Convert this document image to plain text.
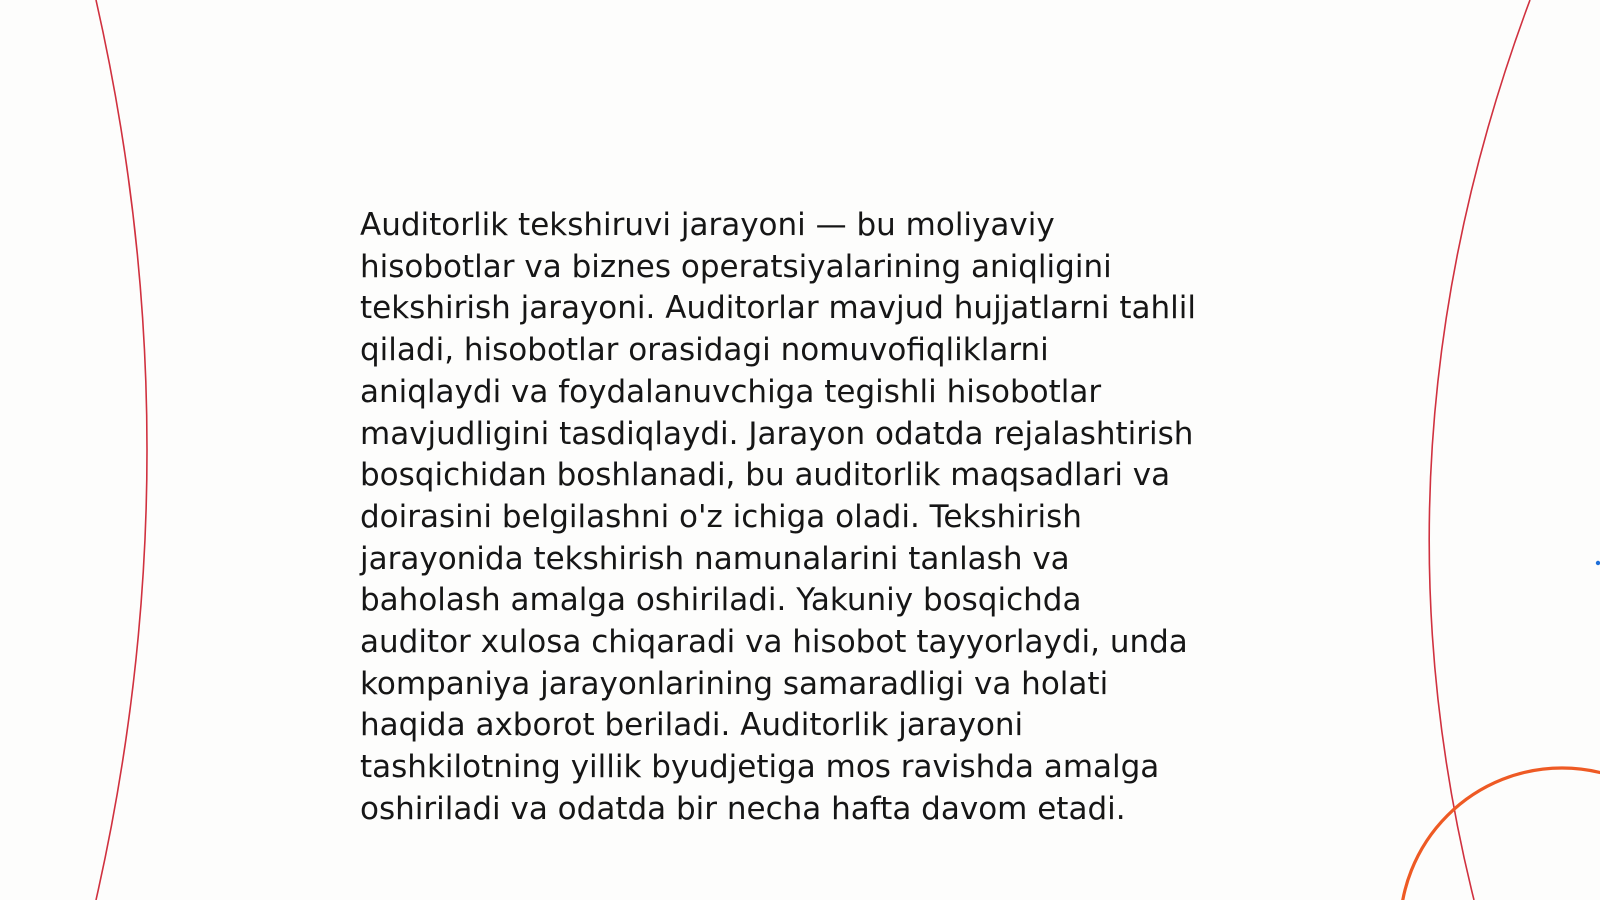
Auditorlik tekshiruvi jarayoni — bu moliyaviy
hisobotlar va biznes operatsiyalarining aniqligini
tekshirish jarayoni. Auditorlar mavjud hujjatlarni tahlil
qiladi, hisobotlar orasidagi nomuvofiqliklarni
aniqlaydi va foydalanuvchiga tegishli hisobotlar
mavjudligini tasdiqlaydi. Jarayon odatda rejalashtirish
bosqichidan boshlanadi, bu auditorlik maqsadlari va
doirasini belgilashni o'z ichiga oladi. Tekshirish
jarayonida tekshirish namunalarini tanlash va
baholash amalga oshiriladi. Yakuniy bosqichda
auditor xulosa chiqaradi va hisobot tayyorlaydi, unda
kompaniya jarayonlarining samaradligi va holati
haqida axborot beriladi. Auditorlik jarayoni
tashkilotning yillik byudjetiga mos ravishda amalga
oshiriladi va odatda bir necha hafta davom etadi.
